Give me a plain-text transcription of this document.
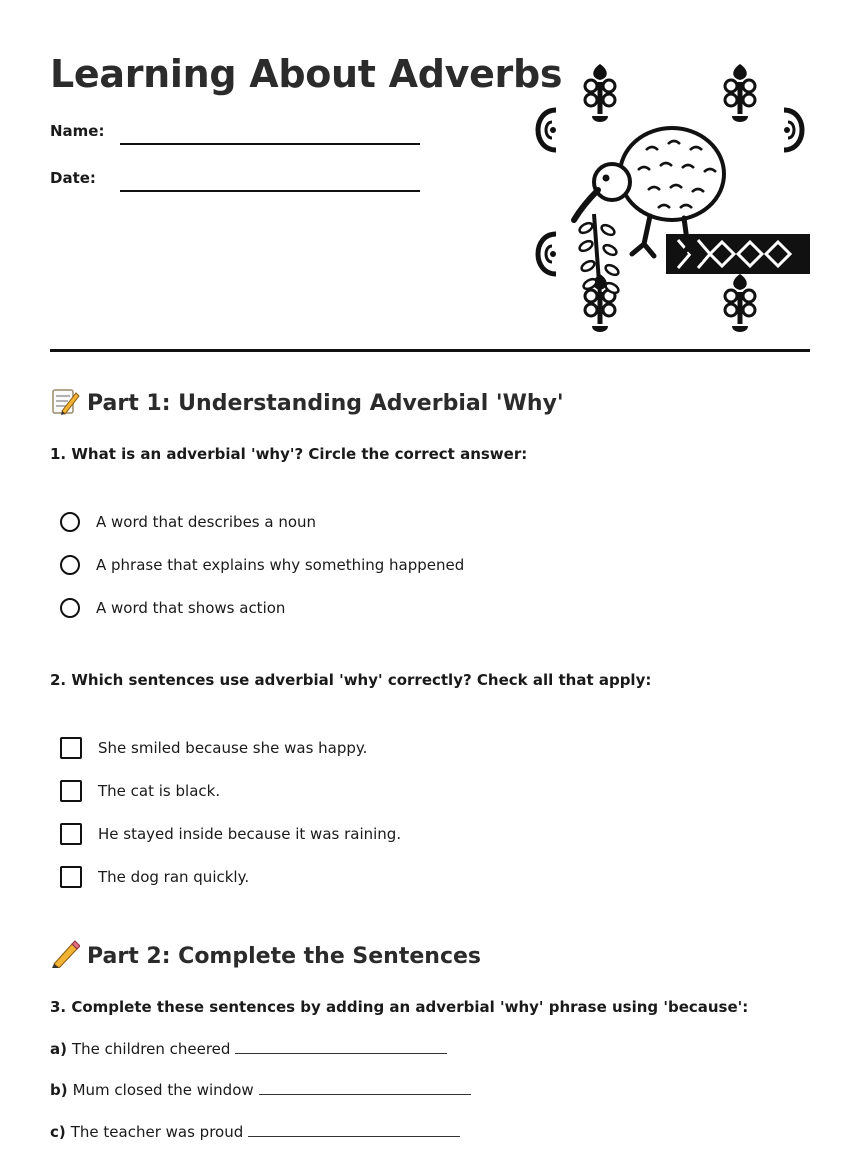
Learning About Adverbs
Name:
Date:
Part 1: Understanding Adverbial 'Why'
1. What is an adverbial 'why'? Circle the correct answer:
A word that describes a noun
A phrase that explains why something happened
A word that shows action
2. Which sentences use adverbial 'why' correctly? Check all that apply:
She smiled because she was happy.
The cat is black.
He stayed inside because it was raining.
The dog ran quickly.
Part 2: Complete the Sentences
3. Complete these sentences by adding an adverbial 'why' phrase using 'because':
a) The children cheered
b) Mum closed the window
c) The teacher was proud
